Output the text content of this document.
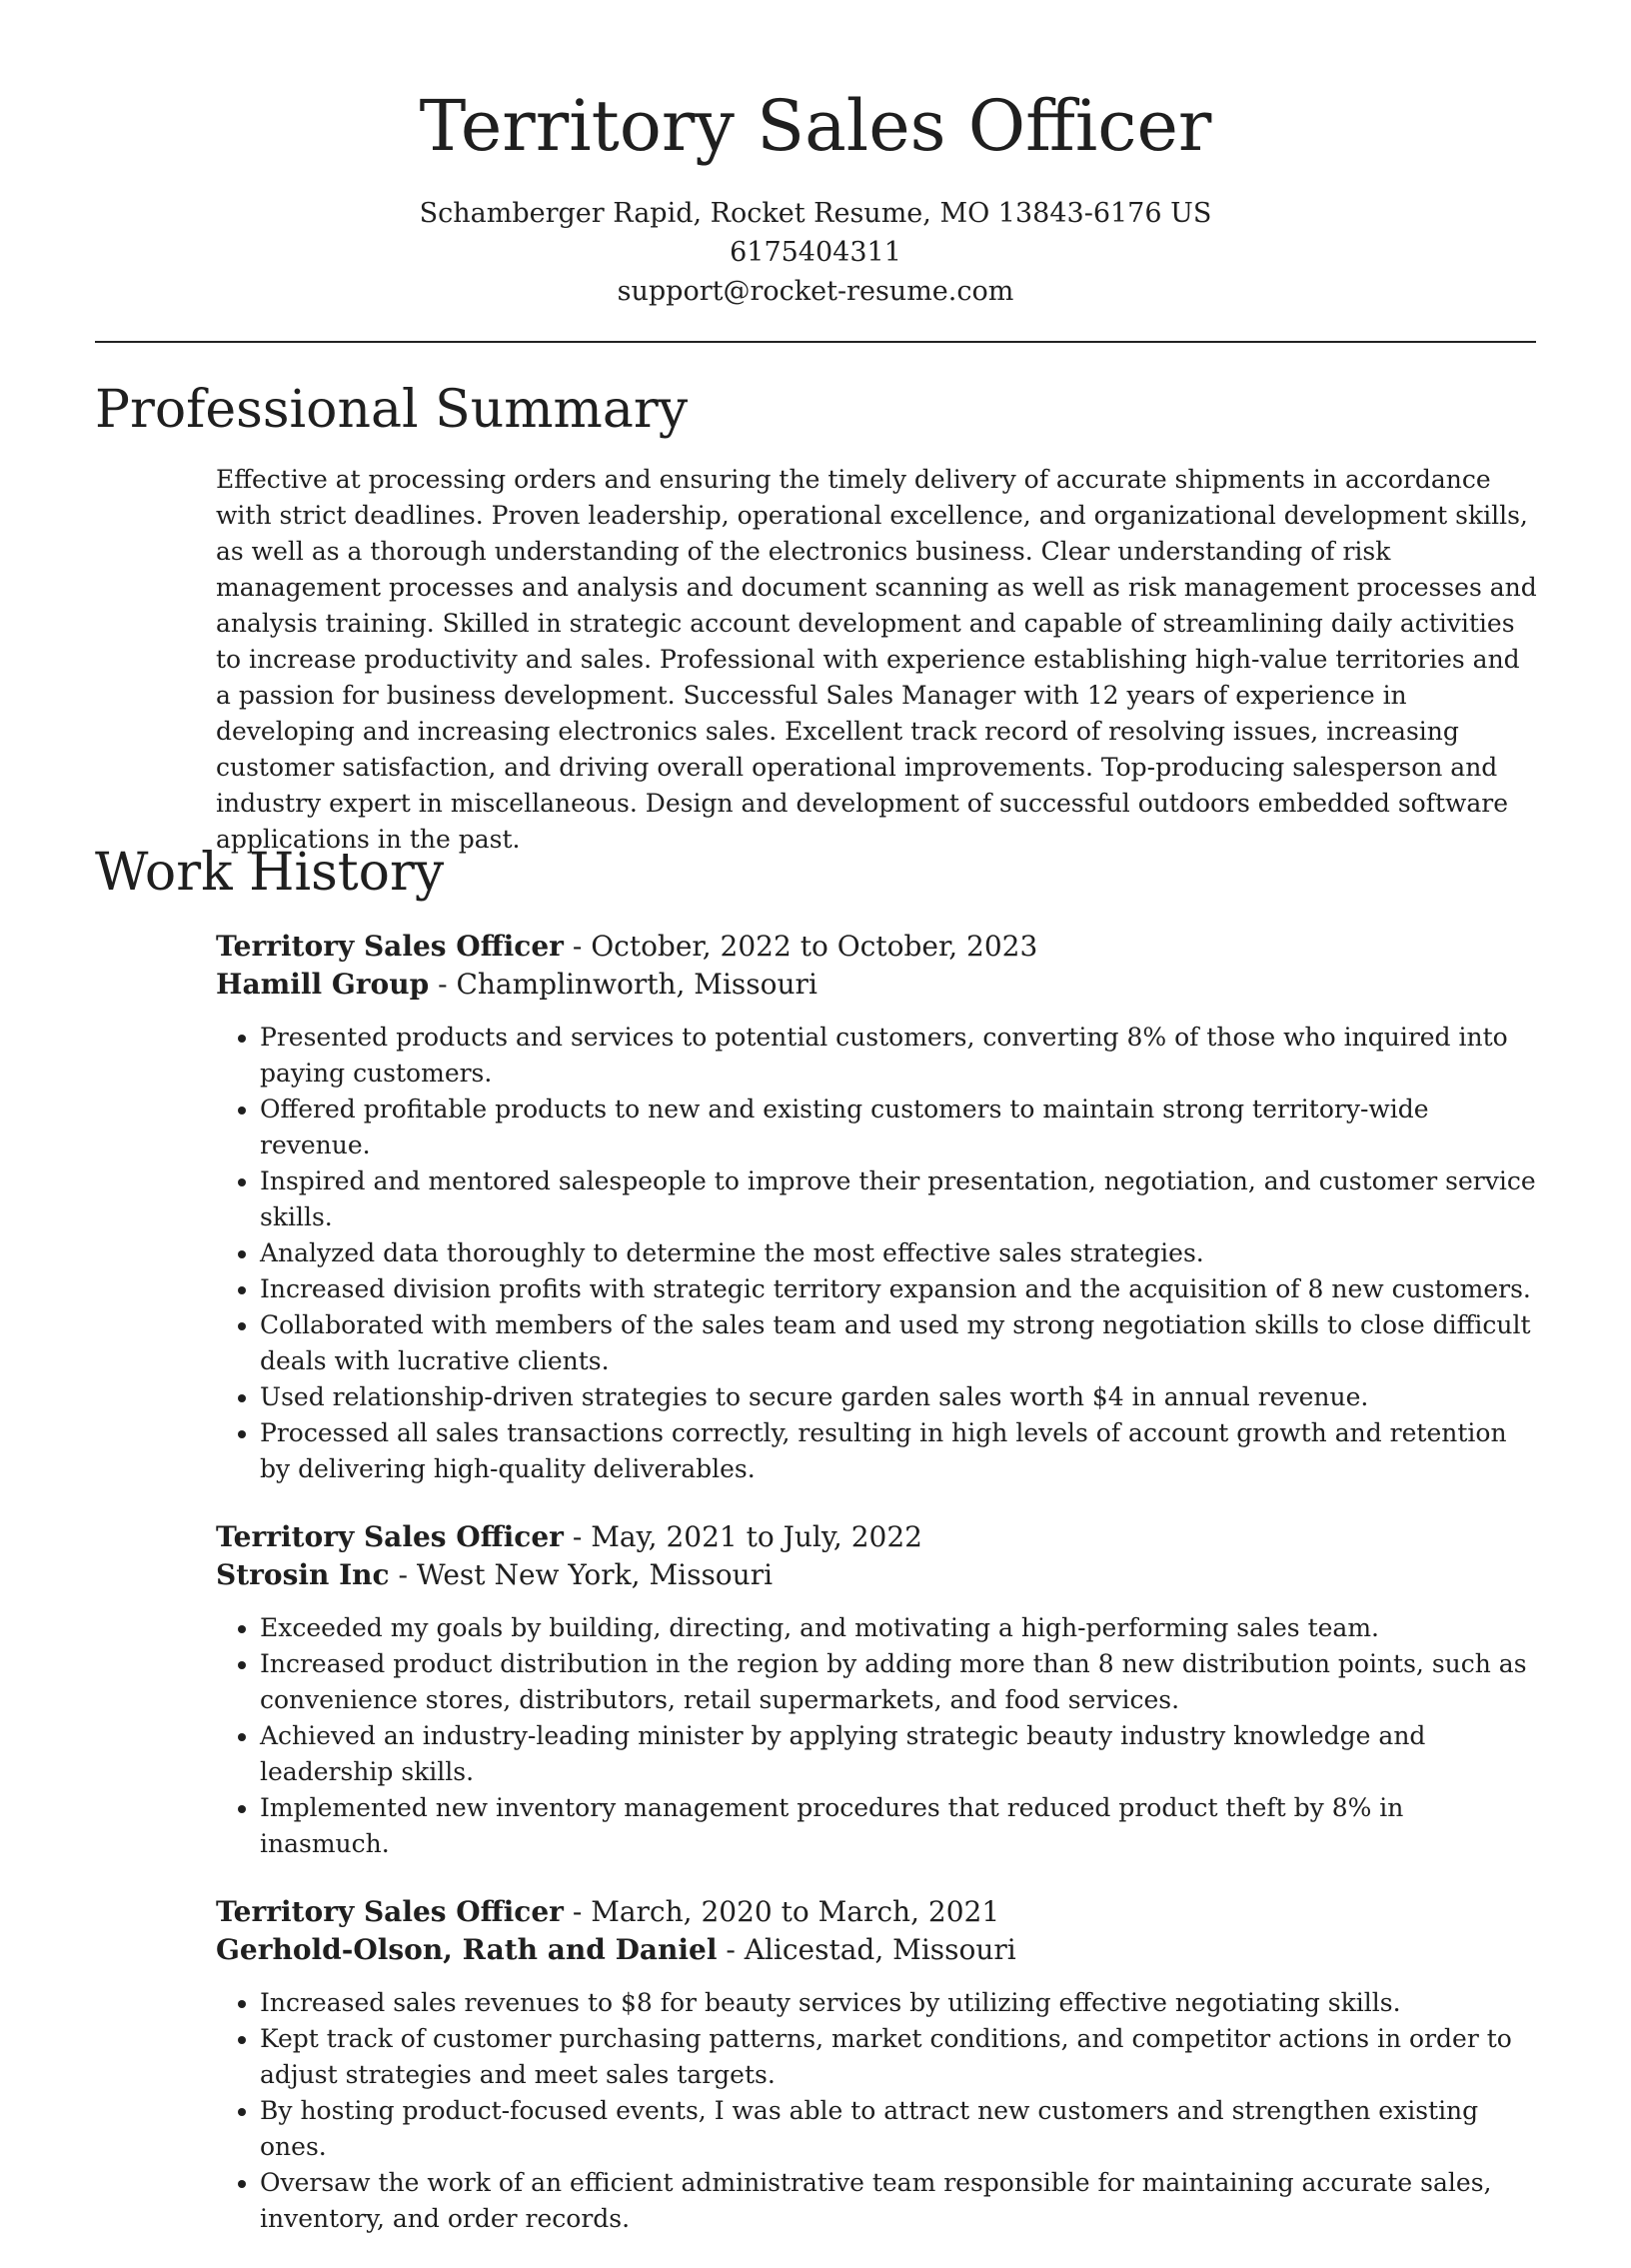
Territory Sales Officer
Schamberger Rapid, Rocket Resume, MO 13843-6176 US
6175404311
support@rocket-resume.com
Professional Summary

Effective at processing orders and ensuring the timely delivery of accurate shipments in accordance with strict deadlines. Proven leadership, operational excellence, and organizational development skills, as well as a thorough understanding of the electronics business. Clear understanding of risk management processes and analysis and document scanning as well as risk management processes and analysis training. Skilled in strategic account development and capable of streamlining daily activities to increase productivity and sales. Professional with experience establishing high-value territories and a passion for business development. Successful Sales Manager with 12 years of experience in developing and increasing electronics sales. Excellent track record of resolving issues, increasing customer satisfaction, and driving overall operational improvements. Top-producing salesperson and industry expert in miscellaneous. Design and development of successful outdoors embedded software applications in the past.

Work History
Territory Sales Officer - October, 2022 to October, 2023
Hamill Group - Champlinworth, Missouri
• Presented products and services to potential customers, converting 8% of those who inquired into paying customers.
• Offered profitable products to new and existing customers to maintain strong territory-wide revenue.
• Inspired and mentored salespeople to improve their presentation, negotiation, and customer service skills.
• Analyzed data thoroughly to determine the most effective sales strategies.
• Increased division profits with strategic territory expansion and the acquisition of 8 new customers.
• Collaborated with members of the sales team and used my strong negotiation skills to close difficult deals with lucrative clients.
• Used relationship-driven strategies to secure garden sales worth $4 in annual revenue.
• Processed all sales transactions correctly, resulting in high levels of account growth and retention by delivering high-quality deliverables.
Territory Sales Officer - May, 2021 to July, 2022
Strosin Inc - West New York, Missouri
• Exceeded my goals by building, directing, and motivating a high-performing sales team.
• Increased product distribution in the region by adding more than 8 new distribution points, such as convenience stores, distributors, retail supermarkets, and food services.
• Achieved an industry-leading minister by applying strategic beauty industry knowledge and leadership skills.
• Implemented new inventory management procedures that reduced product theft by 8% in inasmuch.
Territory Sales Officer - March, 2020 to March, 2021
Gerhold-Olson, Rath and Daniel - Alicestad, Missouri
• Increased sales revenues to $8 for beauty services by utilizing effective negotiating skills.
• Kept track of customer purchasing patterns, market conditions, and competitor actions in order to adjust strategies and meet sales targets.
• By hosting product-focused events, I was able to attract new customers and strengthen existing ones.
• Oversaw the work of an efficient administrative team responsible for maintaining accurate sales, inventory, and order records.
